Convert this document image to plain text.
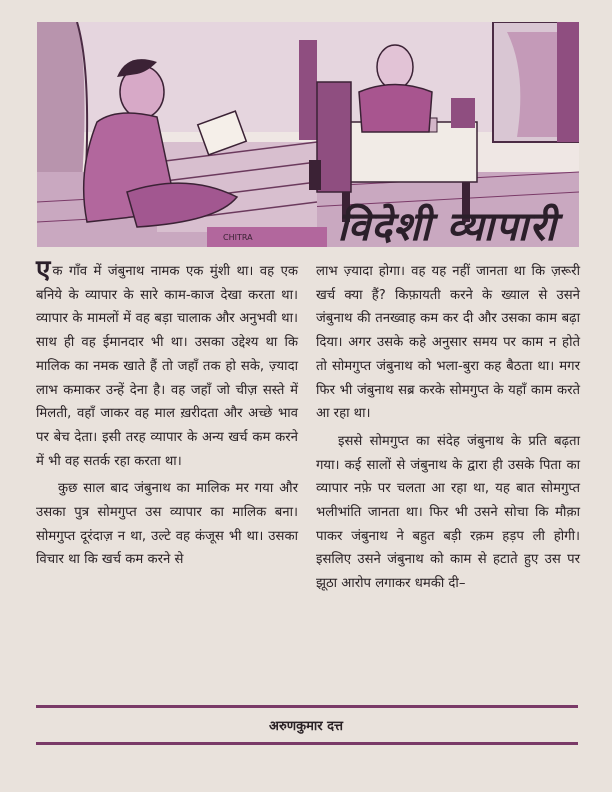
CHITRA	विदेशी व्यापारी

एक गाँव में जंबुनाथ नामक एक मुंशी था। वह एक बनिये के व्यापार के सारे काम-काज देखा करता था। व्यापार के मामलों में वह बड़ा चालाक और अनुभवी था। साथ ही वह ईमानदार भी था। उसका उद्देश्य था कि मालिक का नमक खाते हैं तो जहाँ तक हो सके, ज़्यादा लाभ कमाकर उन्हें देना है। वह जहाँ जो चीज़ सस्ते में मिलती, वहाँ जाकर वह माल ख़रीदता और अच्छे भाव पर बेच देता। इसी तरह व्यापार के अन्य खर्च कम करने में भी वह सतर्क रहा करता था।

कुछ साल बाद जंबुनाथ का मालिक मर गया और उसका पुत्र सोमगुप्त उस व्यापार का मालिक बना। सोमगुप्त दूरंदाज़ न था, उल्टे वह कंजूस भी था। उसका विचार था कि खर्च कम करने से

लाभ ज़्यादा होगा। वह यह नहीं जानता था कि ज़रूरी खर्च क्या हैं? किफ़ायती करने के ख्याल से उसने जंबुनाथ की तनख्वाह कम कर दी और उसका काम बढ़ा दिया। अगर उसके कहे अनुसार समय पर काम न होते तो सोमगुप्त जंबुनाथ को भला-बुरा कह बैठता था। मगर फिर भी जंबुनाथ सब्र करके सोमगुप्त के यहाँ काम करते आ रहा था।

इससे सोमगुप्त का संदेह जंबुनाथ के प्रति बढ़ता गया। कई सालों से जंबुनाथ के द्वारा ही उसके पिता का व्यापार नफ़े पर चलता आ रहा था, यह बात सोमगुप्त भलीभांति जानता था। फिर भी उसने सोचा कि मौक़ा पाकर जंबुनाथ ने बहुत बड़ी रक़म हड़प ली होगी। इसलिए उसने जंबुनाथ को काम से हटाते हुए उस पर झूठा आरोप लगाकर धमकी दी–

अरुणकुमार दत्त
